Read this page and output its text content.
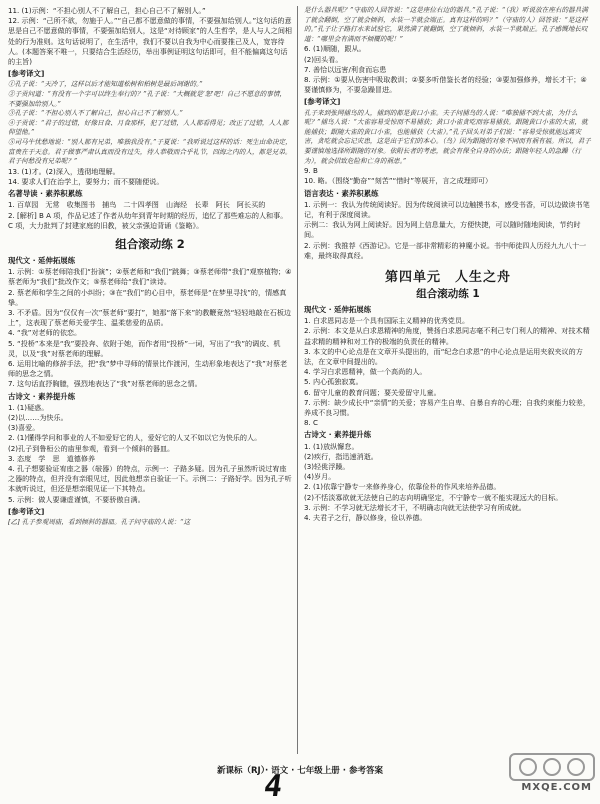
11. (1)示例：“不担心别人不了解自己，担心自己不了解别人。”

12. 示例：“己所不欲，勿施于人。”“自己都不愿意做的事情，不要强加给别人。”这句话的意思是自己不愿意做的事情，不要强加给别人，这是“对待顾家”的人生哲学，是人与人之间相处的行为准则。这句话说明了，在生活中，我们不要以自我为中心而要推己及人，宽容待人。(本题答案不唯一，只要结合生活经历，举出事例证明这句话即可，但不能偏离这句话的主旨)

[参考译文]

①孔子说：“天冷了，这样以后才能知道松树和柏树是最后凋谢的。”

②子贡问道：“有没有一个字可以终生奉行的？”孔子说：“大概就是‘恕’吧！自己不愿意的事情，不要强加给别人。”

③孔子说：“不担心别人不了解自己，担心自己不了解别人。”

④子贡说：“君子的过错，好像日食、月食那样，犯了过错，人人都看得见；改正了过错，人人都仰望他。”

⑤司马牛忧愁地说：“别人都有兄弟，唯独我没有。”子夏说：“我听说过这样的话：死生由命决定，富贵在于天意。君子做事严肃认真而没有过失，待人恭敬而合乎礼节，四海之内的人，都是兄弟。君子何愁没有兄弟呢？”

13. (1)才。(2)深入，透彻地理解。

14. 要求人们在治学上，要努力；而不要随便说。

名著导读 · 素养积累练

1. 百草园　无常　收集图书　捕鸟　二十四孝图　山海经　长辈　阿长　阿长买的

2. [解析] B A 项，作品记述了作者从幼年到青年时期的经历，追忆了那些难忘的人和事。C 项，大力批判了封建家庭的旧教，被父亲强迫背诵《鉴略》。

组合滚动练 2

现代文 · 延伸拓展练

1. 示例：①蔡老师陪我们“扮演”；②蔡老师和“我们”跳舞；③蔡老师带“我们”观察植物；④蔡老师为“我们”批改作文；⑤蔡老师给“我们”读诗。

2. 蔡老师和学生之间的小纠纷；③在“我们”的心目中，蔡老师是“在梦里寻找”的，情感真挚。

3. 不矛盾。因为“仅仅有一次”蔡老师“要打”，她那“落下来”的教鞭竟然“轻轻地敲在石板边上”，这表现了蔡老师关爱学生、温柔慈爱的品质。

4. “我”对老师的依恋。

5. “投桥”本来是“我”要投奔、依附于她，而作者用“投桥”一词，写出了“我”的调皮、机灵，以及“我”对蔡老师的理解。

6. 运用比喻的修辞手法，把“我”梦中寻师的情景比作渡河，生动形象地表达了“我”对蔡老师的思念之情。

7. 这句话直抒胸臆，强烈地表达了“我”对蔡老师的思念之情。

古诗文 · 素养提升练

1. (1)疑惑。

(2)以……为快乐。

(3)喜爱。

2. (1)懂得学问和事业的人不如爱好它的人，爱好它的人又不如以它为快乐的人。

(2)孔子到鲁桓公的庙里参观，看到一个倾斜的器皿。

3. 态度　学　思　道德修养

4. 孔子想要验证宥座之器（敧器）的特点，示例一：子路多疑。因为孔子虽然听说过宥座之器的特点，但并没有亲眼见过，因此他想亲自验证一下。示例二：子路好学。因为孔子听本就听说过，但还是想亲眼见证一下其特点。

5. 示例：做人要谦虚谨慎，不要骄傲自满。

[参考译文]

[乙] 孔子参观周庙，看到倾斜的器皿。孔子问守庙的人说：“这

是什么器具呢？”守庙的人回答说：“这是座位右边的器具。”孔子说：“（我）听说放在座右的器具满了就会翻倒，空了就会倾斜，水装一半就会端正。真有这样的吗？”（守庙的人）回答说：“是这样的。”孔子让子路打水来试验它，果然满了就翻倒，空了就倾斜，水装一半就端正。孔子感慨地长叹道：“哪里会有满而不倾覆的呢！”

6. (1)顺随，跟从。

(2)回头看。

7. 善恰以远害/利食而忘患

8. 示例：①要从伤害中吸取教训；②要多听借鉴长者的经验；③要加强修养，增长才干；④要谨慎修为，不要急躁冒进。

[参考译文]

孔子来到张网捕鸟的人，捕到的都是黄口小雀。夫子问捕鸟的人说：“唯独捕不到大雀，为什么呢？”捕鸟人说：“大雀容易受惊而不易捕获；黄口小雀贪吃而容易捕获。跟随黄口小雀的大雀，就能捕获；跟随大雀的黄口小雀，也能捕获（大雀）。”孔子回头对弟子们说：“容易受惊就能远离灾害，贪吃就会忘记灾患，这是出于它们的本心。（鸟）因为跟随的对象不同而有祸有福。所以，君子要谨慎地选择所跟随的对象。依附长者的考虑，就会有保全自身的办法；跟随年轻人的急躁（行为），就会招致危险和亡身的祸患。”

9. B

10. 略。（围绕“勤奋”“刻苦”“惜时”等展开，言之成理即可）

语言表达 · 素养积累练

1. 示例一：我认为传统阅读好。因为传统阅读可以边触摸书本，感受书香，可以边做读书笔记，有利于深度阅读。

示例二：我认为网上阅读好。因为网上信息量大，方便快捷，可以随时随地阅读，节约时间。

2. 示例：我推荐《西游记》。它是一部非常精彩的神魔小说。书中师徒四人历经九九八十一难，最终取得真经。

第四单元　人生之舟
组合滚动练 1

现代文 · 延伸拓展练

1. 白求恩同志是一个具有国际主义精神的优秀党员。

2. 示例：本文是从白求恩精神的角度，赞扬白求恩同志毫不利己专门利人的精神、对技术精益求精的精神和对工作的极端的负责任的精神。

3. 本文的中心论点是在文章开头提出的，而“纪念白求恩”的中心论点是运用夹叙夹议的方法，在文章中间提出的。

4. 学习白求恩精神，做一个高尚的人。

5. 内心孤独寂寞。

6. 留守儿童的教育问题；要关爱留守儿童。

7. 示例：缺少成长中“亲情”的关爱；容易产生自卑、自暴自弃的心理；自我约束能力较差，养成不良习惯。

8. C

古诗文 · 素养提升练

1. (1)放纵懈怠。

(2)疾行，指迅速消逝。

(3)轻佻浮躁。

(4)岁月。

2. (1)依靠宁静专一来修养身心，依靠俭朴的作风来培养品德。

(2)不恬淡寡欲就无法使自己的志向明确坚定，不宁静专一就不能实现远大的目标。

3. 示例：不学习就无法增长才干，不明确志向就无法使学习有所成就。

4. 夫君子之行，静以修身，俭以养德。

新课标（RJ）· 语文 · 七年级上册 · 参考答案
4	MXQE.COM
